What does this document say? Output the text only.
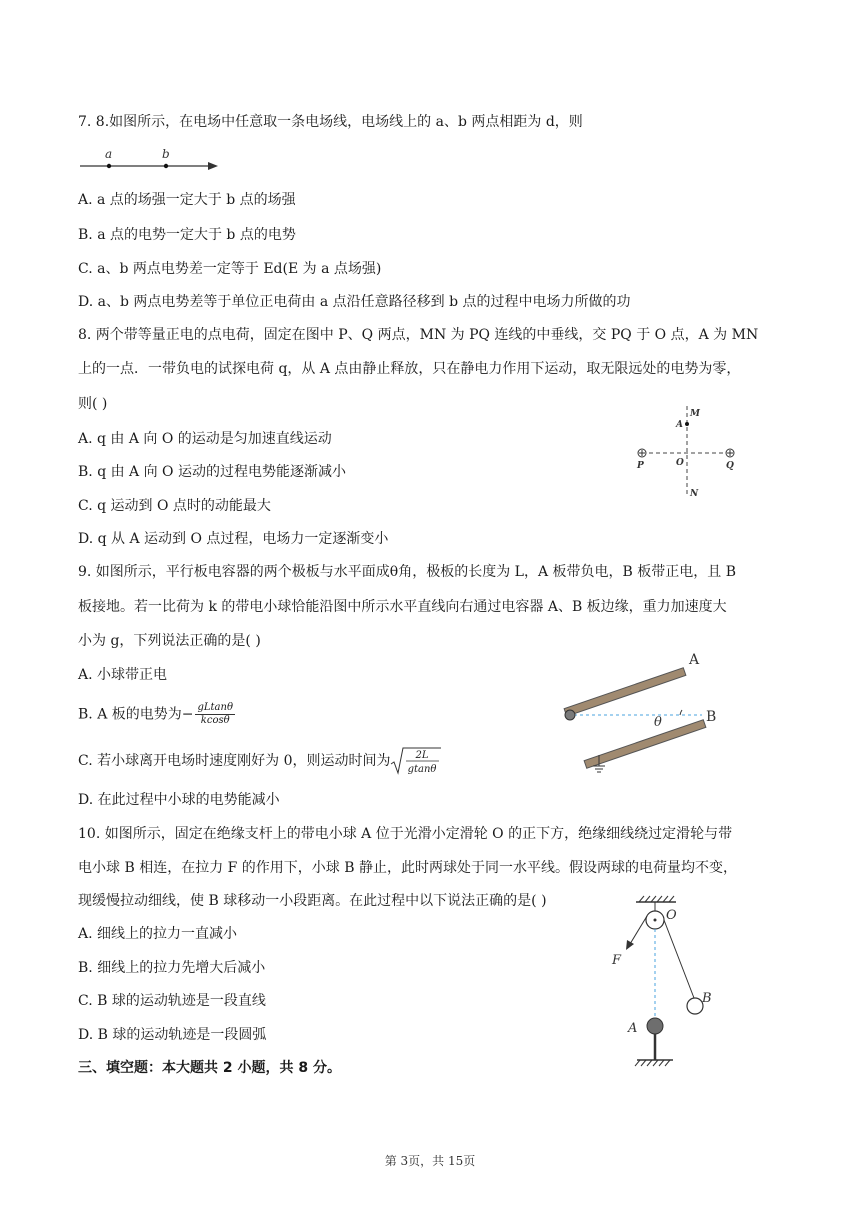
7. 8.如图所示，在电场中任意取一条电场线，电场线上的 a、b 两点相距为 d，则
a	b
A. a 点的场强一定大于 b 点的场强
B. a 点的电势一定大于 b 点的电势
C. a、b 两点电势差一定等于 Ed(E 为 a 点场强)
D. a、b 两点电势差等于单位正电荷由 a 点沿任意路径移到 b 点的过程中电场力所做的功
8. 两个带等量正电的点电荷，固定在图中 P、Q 两点，MN 为 PQ 连线的中垂线，交 PQ 于 O 点，A 为 MN
上的一点．一带负电的试探电荷 q，从 A 点由静止释放，只在静电力作用下运动，取无限远处的电势为零，
则( )
A. q 由 A 向 O 的运动是匀加速直线运动
B. q 由 A 向 O 运动的过程电势能逐渐减小
C. q 运动到 O 点时的动能最大
D. q 从 A 运动到 O 点过程，电场力一定逐渐变小
M
A
P	O	Q
N
9. 如图所示，平行板电容器的两个极板与水平面成θ角，极板的长度为 L，A 板带负电，B 板带正电，且 B
板接地。若一比荷为 k 的带电小球恰能沿图中所示水平直线向右通过电容器 A、B 板边缘，重力加速度大
小为 g，下列说法正确的是( )
A. 小球带正电
B. A 板的电势为− $\frac{gLtan\theta}{kcos\theta}$
C. 若小球离开电场时速度刚好为 0，则运动时间为	2L
gtanθ
D. 在此过程中小球的电势能减小
θ
A
B
10. 如图所示，固定在绝缘支杆上的带电小球 A 位于光滑小定滑轮 O 的正下方，绝缘细线绕过定滑轮与带
电小球 B 相连，在拉力 F 的作用下，小球 B 静止，此时两球处于同一水平线。假设两球的电荷量均不变，
现缓慢拉动细线，使 B 球移动一小段距离。在此过程中以下说法正确的是( )
A. 细线上的拉力一直减小
B. 细线上的拉力先增大后减小
C. B 球的运动轨迹是一段直线
D. B 球的运动轨迹是一段圆弧
O
F
B
A
三、填空题：本大题共 2 小题，共 8 分。
第 3页，共 15页
